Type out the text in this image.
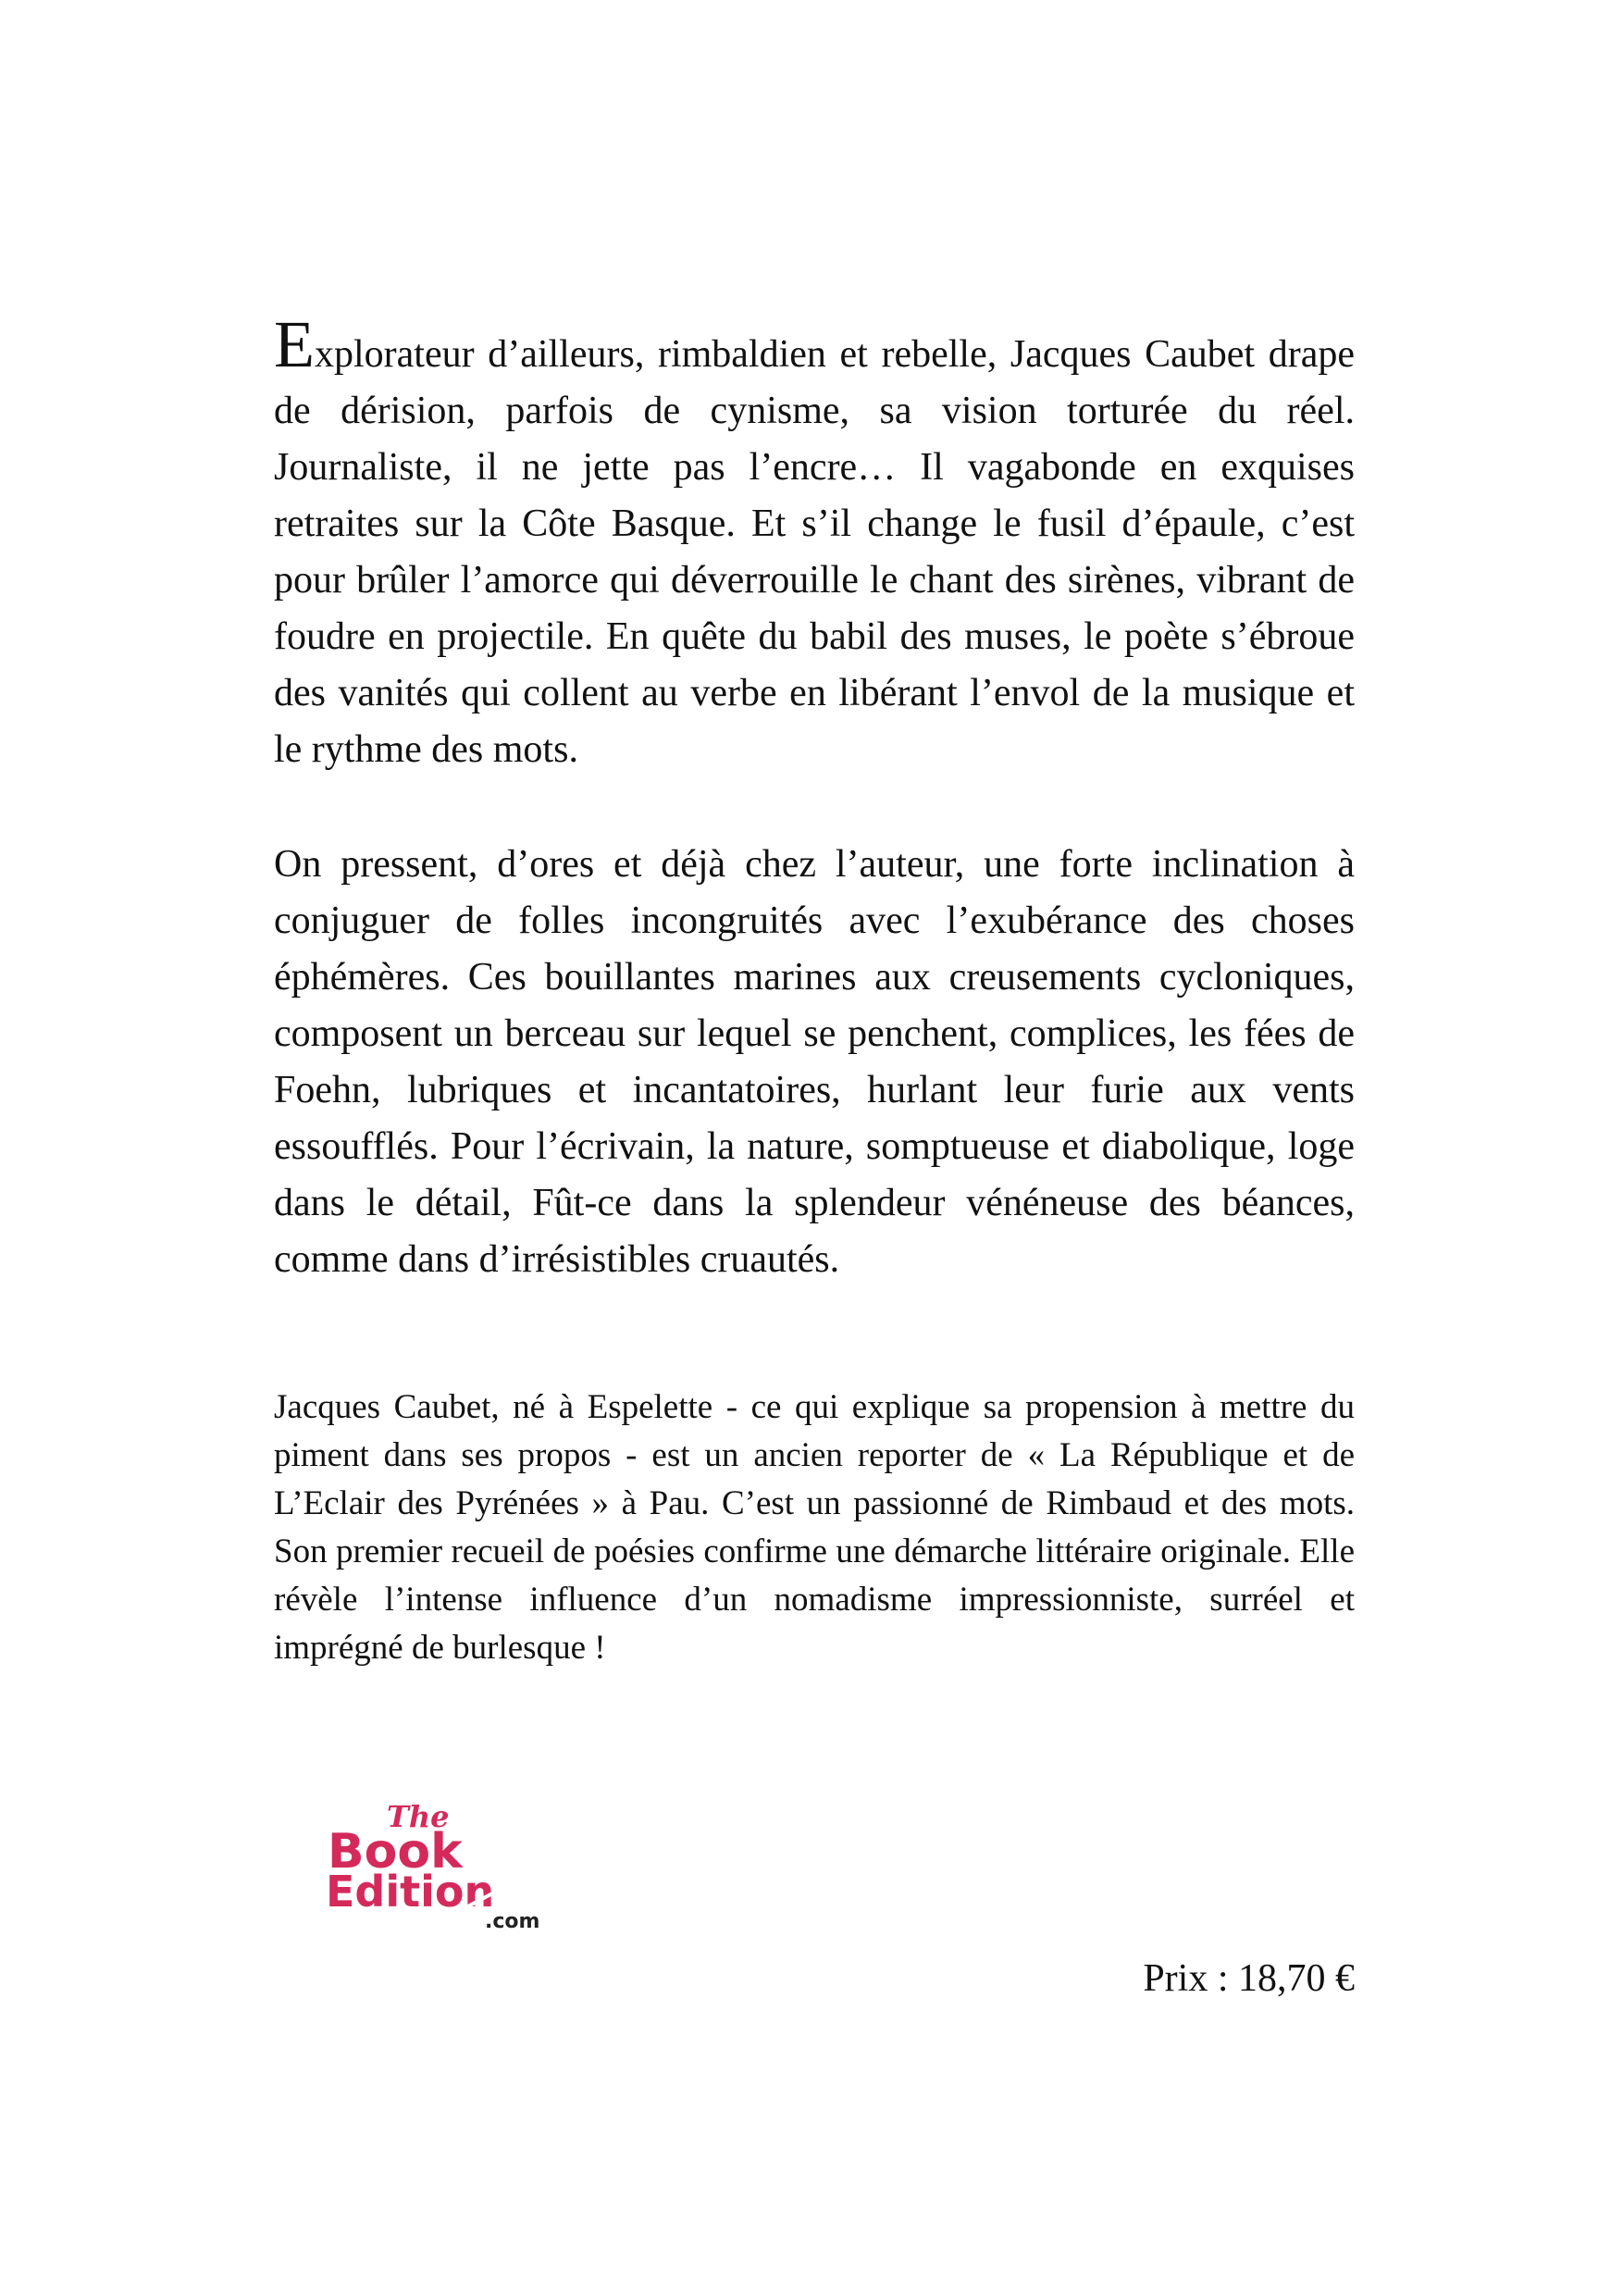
Explorateur d’ailleurs, rimbaldien et rebelle, Jacques Caubet drape de dérision, parfois de cynisme, sa vision torturée du réel. Journaliste, il ne jette pas l’encre… Il vagabonde en exquises retraites sur la Côte Basque. Et s’il change le fusil d’épaule, c’est pour brûler l’amorce qui déverrouille le chant des sirènes, vibrant de foudre en projectile. En quête du babil des muses, le poète s’ébroue des vanités qui collent au verbe en libérant l’envol de la musique et le rythme des mots.
On pressent, d’ores et déjà chez l’auteur, une forte inclination à conjuguer de folles incongruités avec l’exubérance des choses éphémères. Ces bouillantes marines aux creusements cycloniques, composent un berceau sur lequel se penchent, complices, les fées de Foehn, lubriques et incantatoires, hurlant leur furie aux vents essoufflés. Pour l’écrivain, la nature, somptueuse et diabolique, loge dans le détail, Fût-ce dans la splendeur vénéneuse des béances, comme dans d’irrésistibles cruautés.
Jacques Caubet, né à Espelette - ce qui explique sa propension à mettre du piment dans ses propos - est un ancien reporter de « La République et de L’Eclair des Pyrénées » à Pau. C’est un passionné de Rimbaud et des mots. Son premier recueil de poésies confirme une démarche littéraire originale. Elle révèle l’intense influence d’un nomadisme impressionniste, surréel et imprégné de burlesque !
The
Book
Edition
.com
Prix : 18,70 €
